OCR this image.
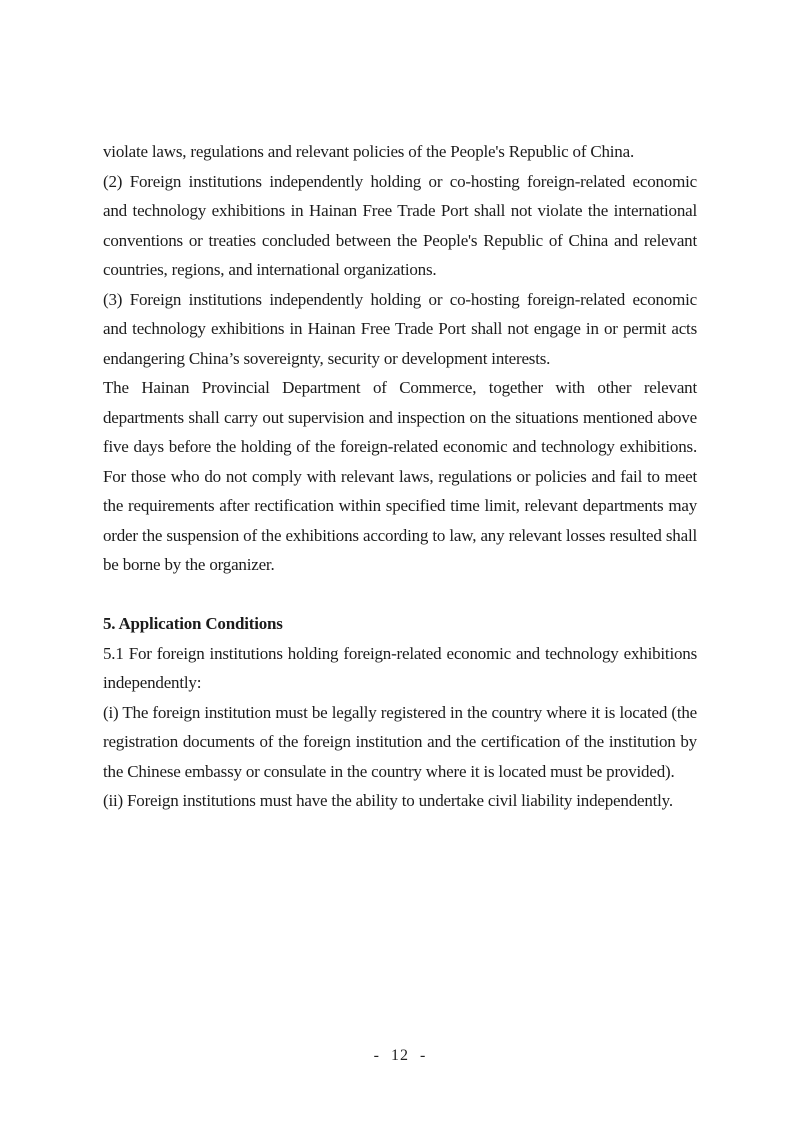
violate laws, regulations and relevant policies of the People's Republic of China.

(2) Foreign institutions independently holding or co-hosting foreign-related economic and technology exhibitions in Hainan Free Trade Port shall not violate the international conventions or treaties concluded between the People's Republic of China and relevant countries, regions, and international organizations.

(3) Foreign institutions independently holding or co-hosting foreign-related economic and technology exhibitions in Hainan Free Trade Port shall not engage in or permit acts endangering China’s sovereignty, security or development interests.

The Hainan Provincial Department of Commerce, together with other relevant departments shall carry out supervision and inspection on the situations mentioned above five days before the holding of the foreign-related economic and technology exhibitions. For those who do not comply with relevant laws, regulations or policies and fail to meet the requirements after rectification within specified time limit, relevant departments may order the suspension of the exhibitions according to law, any relevant losses resulted shall be borne by the organizer.

5. Application Conditions

5.1 For foreign institutions holding foreign-related economic and technology exhibitions independently:

(i) The foreign institution must be legally registered in the country where it is located (the registration documents of the foreign institution and the certification of the institution by the Chinese embassy or consulate in the country where it is located must be provided).

(ii) Foreign institutions must have the ability to undertake civil liability independently.

- 12 -
